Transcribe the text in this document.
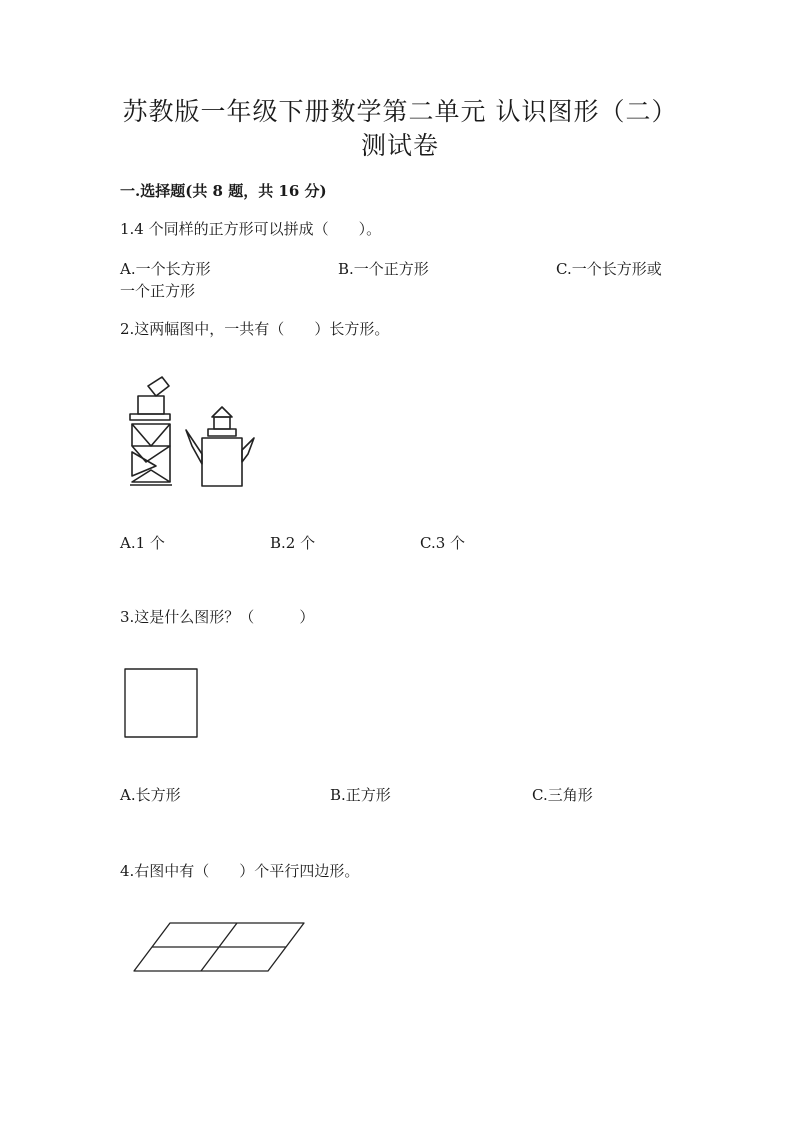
苏教版一年级下册数学第二单元 认识图形（二）
测试卷
一.选择题(共 8 题，共 16 分)
1.4 个同样的正方形可以拼成（　　）。
A.一个长方形	B.一个正方形	C.一个长方形或
一个正方形
2.这两幅图中，一共有（　　）长方形。
A.1 个	B.2 个	C.3 个
3.这是什么图形？（　　　）
A.长方形	B.正方形	C.三角形
4.右图中有（　　）个平行四边形。
